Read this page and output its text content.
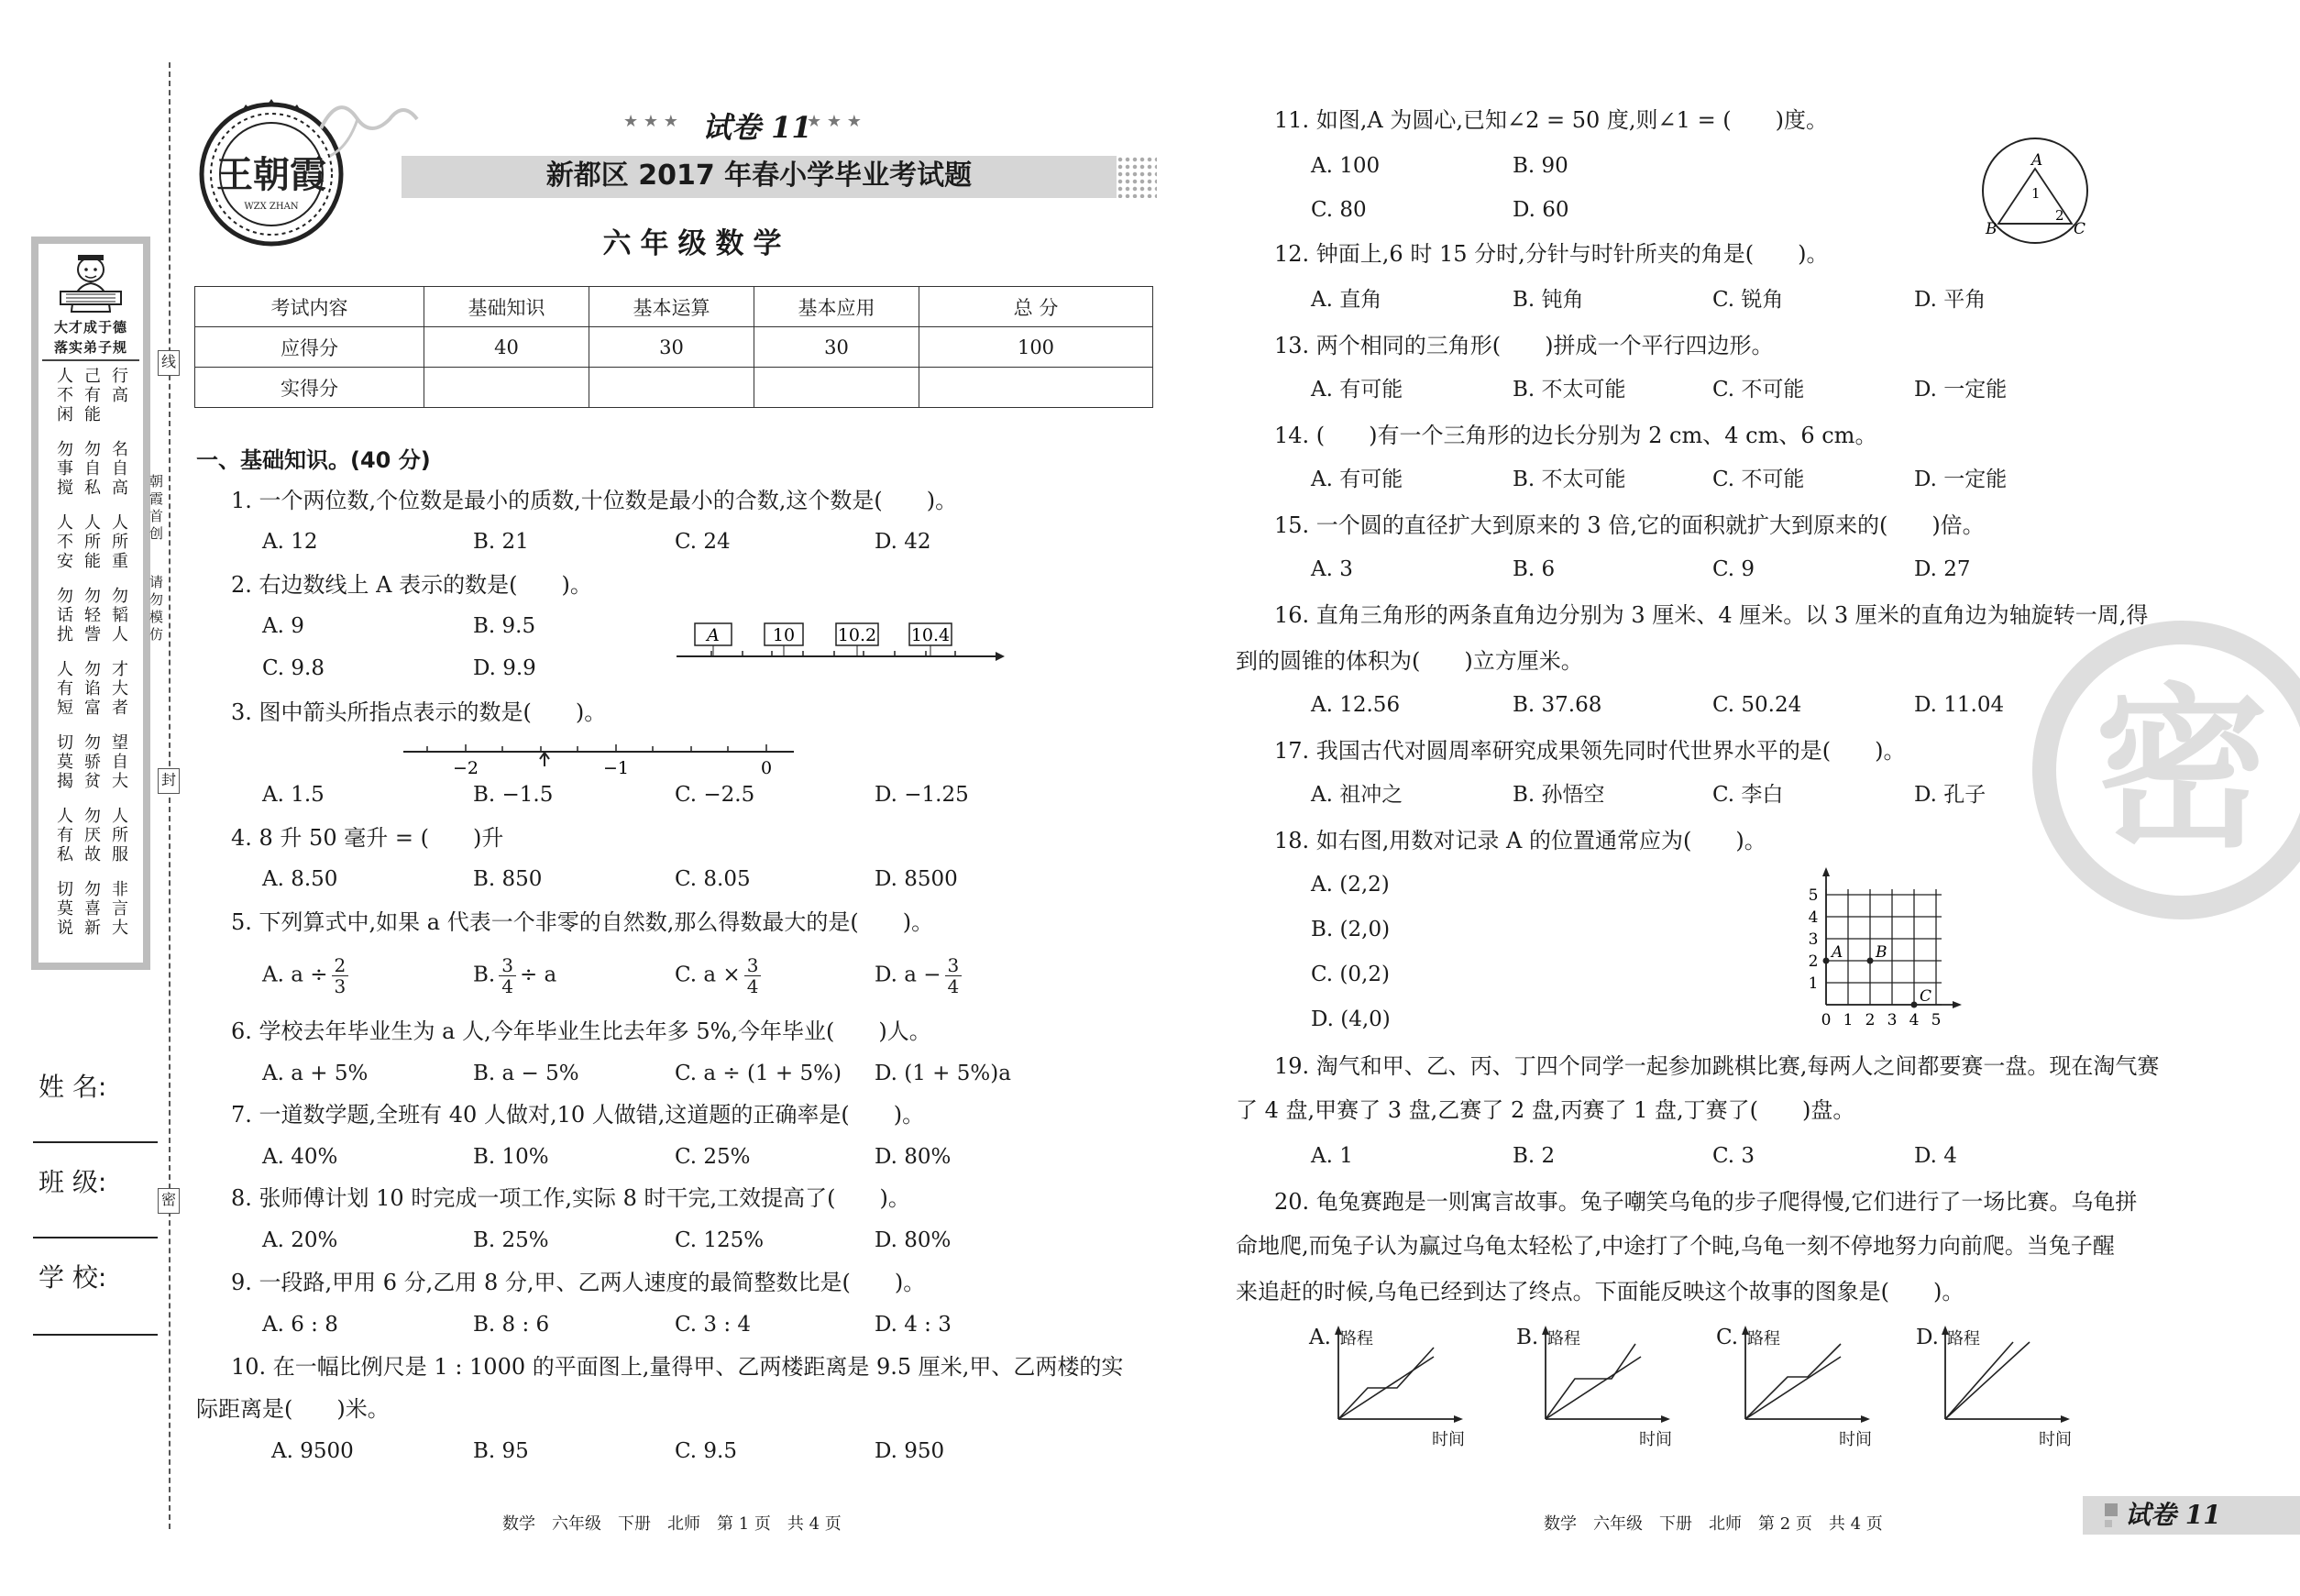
大才成于德
落实弟子规
人不闲
己有能
行高
勿事搅
勿自私
名自高
人不安
人所能
人所重
勿话扰
勿轻訾
勿韬人
人有短
勿谄富
才大者
切莫揭
勿骄贫
望自大
人有私
勿厌故
人所服
切莫说
勿喜新
非言大
姓 名:
班 级:
学 校:
线
封
密
朝霞首创
请勿模仿
王朝霞
WZX ZHAN
★ ★ ★ 试卷 11
★ ★ ★
新都区 2017 年春小学毕业考试题
六年级数学
考试内容	基础知识	基本运算	基本应用	总 分
应得分	40	30	30	100
实得分				
一、基础知识。(40 分)
1. 一个两位数,个位数是最小的质数,十位数是最小的合数,这个数是(　　)。
2. 右边数线上 A 表示的数是(　　)。
A	10 10.2 10.4
3. 图中箭头所指点表示的数是(　　)。
−2	−1	0
4. 8 升 50 毫升 = (　　)升
5. 下列算式中,如果 a 代表一个非零的自然数,那么得数最大的是(　　)。
A. $a \div \frac{2}{3}$	B. $\frac{3}{4} \div a$	C. $a \times \frac{3}{4}$	D. $a - \frac{3}{4}$
6. 学校去年毕业生为 a 人,今年毕业生比去年多 5%,今年毕业(　　)人。
7. 一道数学题,全班有 40 人做对,10 人做错,这道题的正确率是(　　)。
8. 张师傅计划 10 时完成一项工作,实际 8 时干完,工效提高了(　　)。
9. 一段路,甲用 6 分,乙用 8 分,甲、乙两人速度的最简整数比是(　　)。
10. 在一幅比例尺是 1 : 1000 的平面图上,量得甲、乙两楼距离是 9.5 厘米,甲、乙两楼的实
际距离是(　　)米。
11. 如图,A 为圆心,已知∠2 = 50 度,则∠1 = (　　)度。
A
B	C
1
2
12. 钟面上,6 时 15 分时,分针与时针所夹的角是(　　)。
13. 两个相同的三角形(　　)拼成一个平行四边形。
14. (　　)有一个三角形的边长分别为 2 cm、4 cm、6 cm。
15. 一个圆的直径扩大到原来的 3 倍,它的面积就扩大到原来的(　　)倍。
16. 直角三角形的两条直角边分别为 3 厘米、4 厘米。以 3 厘米的直角边为轴旋转一周,得
到的圆锥的体积为(　　)立方厘米。
17. 我国古代对圆周率研究成果领先同时代世界水平的是(　　)。
18. 如右图,用数对记录 A 的位置通常应为(　　)。
0 1
1
2
2
3
3
4
4
5
5
A B
C
19. 淘气和甲、乙、丙、丁四个同学一起参加跳棋比赛,每两人之间都要赛一盘。现在淘气赛
了 4 盘,甲赛了 3 盘,乙赛了 2 盘,丙赛了 1 盘,丁赛了(　　)盘。
20. 龟兔赛跑是一则寓言故事。兔子嘲笑乌龟的步子爬得慢,它们进行了一场比赛。乌龟拼
命地爬,而兔子认为赢过乌龟太轻松了,中途打了个盹,乌龟一刻不停地努力向前爬。当兔子醒
来追赶的时候,乌龟已经到达了终点。下面能反映这个故事的图象是(　　)。
密
数学　六年级　下册　北师　第 1 页　共 4 页	数学　六年级　下册　北师　第 2 页　共 4 页	试卷 11
A. 12	B. 21	C. 24	D. 42
A. 9	B. 9.5
C. 9.8	D. 9.9
A. 1.5	B. −1.5	C. −2.5	D. −1.25
A. 8.50	B. 850	C. 8.05	D. 8500
A. a + 5%	B. a − 5%	C. a ÷ (1 + 5%) D. (1 + 5%)a
A. 40%	B. 10%	C. 25%	D. 80%
A. 20%	B. 25%	C. 125%	D. 80%
A. 6 : 8	B. 8 : 6	C. 3 : 4	D. 4 : 3
A. 9500	B. 95	C. 9.5	D. 950
A. 100	B. 90
C. 80	D. 60
A. 直角	B. 钝角	C. 锐角	D. 平角
A. 有可能	B. 不太可能	C. 不可能	D. 一定能
A. 有可能	B. 不太可能	C. 不可能	D. 一定能
A. 3	B. 6	C. 9	D. 27
A. 12.56	B. 37.68	C. 50.24	D. 11.04
A. 祖冲之	B. 孙悟空	C. 李白	D. 孔子
A. (2,2)
B. (2,0)
C. (0,2)
D. (4,0)
A. 1	B. 2	C. 3	D. 4
A. 路程
时间
B. 路程
时间
C. 路程
时间
D. 路程
时间
